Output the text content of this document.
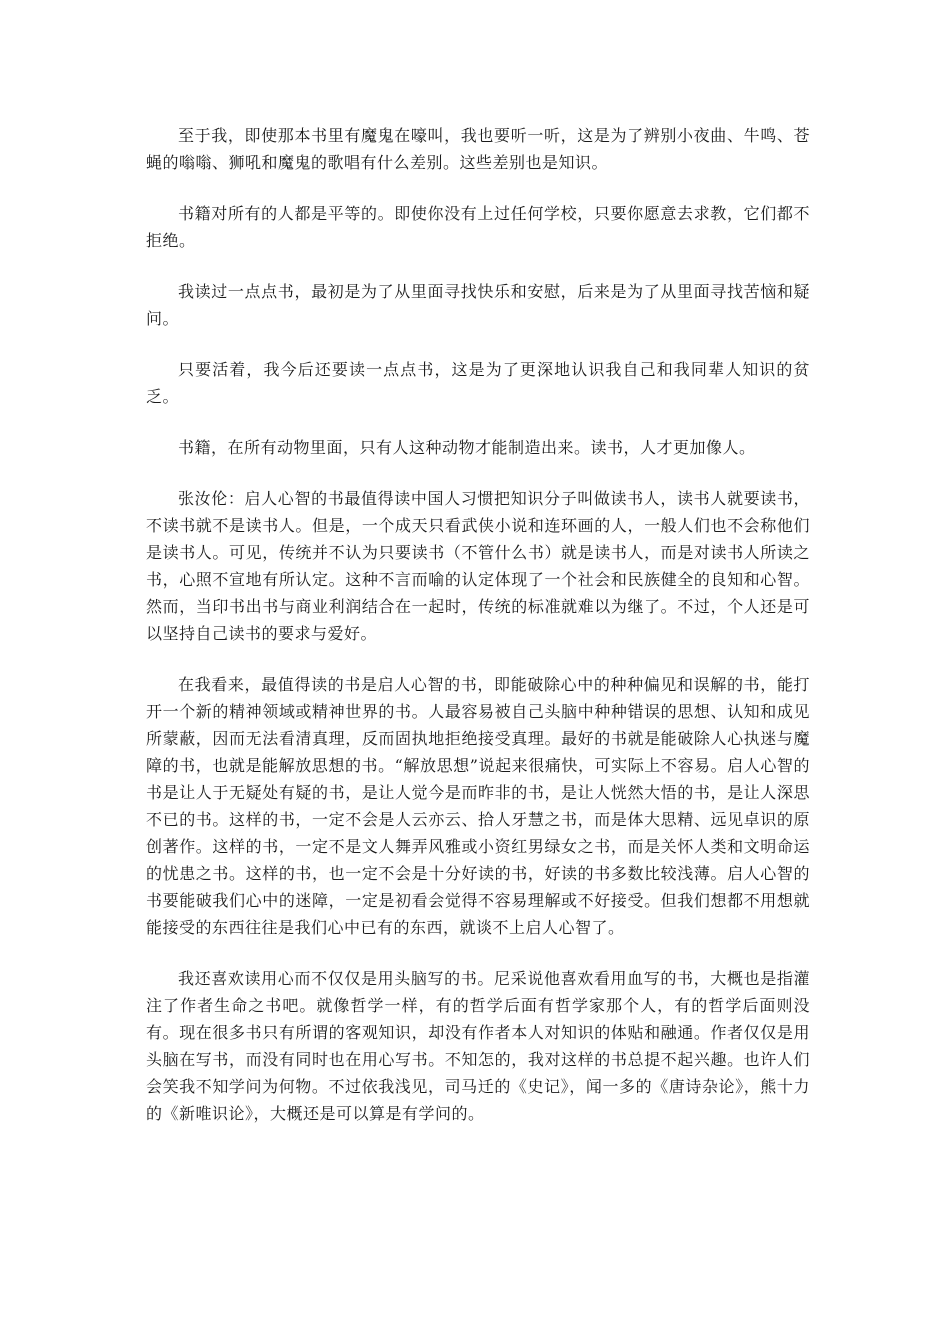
至于我，即使那本书里有魔鬼在嚎叫，我也要听一听，这是为了辨别小夜曲、牛鸣、苍蝇的嗡嗡、狮吼和魔鬼的歌唱有什么差别。这些差别也是知识。

书籍对所有的人都是平等的。即使你没有上过任何学校，只要你愿意去求教，它们都不拒绝。

我读过一点点书，最初是为了从里面寻找快乐和安慰，后来是为了从里面寻找苦恼和疑问。

只要活着，我今后还要读一点点书，这是为了更深地认识我自己和我同辈人知识的贫乏。

书籍，在所有动物里面，只有人这种动物才能制造出来。读书，人才更加像人。

张汝伦：启人心智的书最值得读中国人习惯把知识分子叫做读书人，读书人就要读书，不读书就不是读书人。但是，一个成天只看武侠小说和连环画的人，一般人们也不会称他们是读书人。可见，传统并不认为只要读书（不管什么书）就是读书人，而是对读书人所读之书，心照不宣地有所认定。这种不言而喻的认定体现了一个社会和民族健全的良知和心智。然而，当印书出书与商业利润结合在一起时，传统的标准就难以为继了。不过，个人还是可以坚持自己读书的要求与爱好。

在我看来，最值得读的书是启人心智的书，即能破除心中的种种偏见和误解的书，能打开一个新的精神领域或精神世界的书。人最容易被自己头脑中种种错误的思想、认知和成见所蒙蔽，因而无法看清真理，反而固执地拒绝接受真理。最好的书就是能破除人心执迷与魔障的书，也就是能解放思想的书。“解放思想”说起来很痛快，可实际上不容易。启人心智的书是让人于无疑处有疑的书，是让人觉今是而昨非的书，是让人恍然大悟的书，是让人深思不已的书。这样的书，一定不会是人云亦云、拾人牙慧之书，而是体大思精、远见卓识的原创著作。这样的书，一定不是文人舞弄风雅或小资红男绿女之书，而是关怀人类和文明命运的忧患之书。这样的书，也一定不会是十分好读的书，好读的书多数比较浅薄。启人心智的书要能破我们心中的迷障，一定是初看会觉得不容易理解或不好接受。但我们想都不用想就能接受的东西往往是我们心中已有的东西，就谈不上启人心智了。

我还喜欢读用心而不仅仅是用头脑写的书。尼采说他喜欢看用血写的书，大概也是指灌注了作者生命之书吧。就像哲学一样，有的哲学后面有哲学家那个人，有的哲学后面则没有。现在很多书只有所谓的客观知识，却没有作者本人对知识的体贴和融通。作者仅仅是用头脑在写书，而没有同时也在用心写书。不知怎的，我对这样的书总提不起兴趣。也许人们会笑我不知学问为何物。不过依我浅见，司马迁的《史记》，闻一多的《唐诗杂论》，熊十力的《新唯识论》，大概还是可以算是有学问的。
